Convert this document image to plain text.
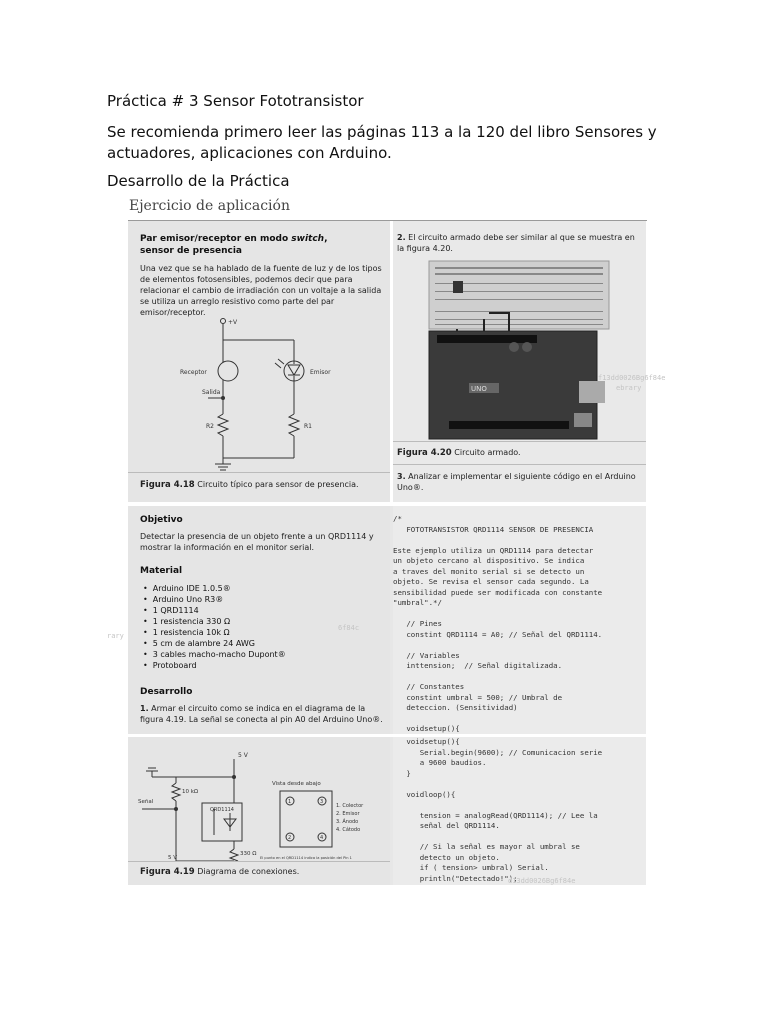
Práctica # 3 Sensor Fototransistor
Se recomienda primero leer las páginas 113 a la 120 del libro Sensores y actuadores, aplicaciones con Arduino.
Desarrollo de la Práctica
Ejercicio de aplicación
Par emisor/receptor en modo switch,
sensor de presencia
Una vez que se ha hablado de la fuente de luz y de los tipos de elementos fotosensibles, podemos decir que para relacionar el cambio de irradiación con un voltaje a la salida se utiliza un arreglo resistivo como parte del par emisor/receptor.
+V
Receptor	Emisor
Salida
R2	R1
Figura 4.18 Circuito típico para sensor de presencia.
2. El circuito armado debe ser similar al que se muestra en la figura 4.20.
UNO
Figura 4.20 Circuito armado.
3. Analizar e implementar el siguiente código en el Arduino Uno®.
f13dd0026Bg6f84e
ebrary
Objetivo
Detectar la presencia de un objeto frente a un QRD1114 y mostrar la información en el monitor serial.
Material
• Arduino IDE 1.0.5®
• Arduino Uno R3®
• 1 QRD1114
• 1 resistencia 330 Ω
• 1 resistencia 10k Ω
• 5 cm de alambre 24 AWG
• 3 cables macho-macho Dupont®
• Protoboard
Desarrollo
1. Armar el circuito como se indica en el diagrama de la figura 4.19. La señal se conecta al pin A0 del Arduino Uno®.
/*
FOTOTRANSISTOR QRD1114 SENSOR DE PRESENCIA

Este ejemplo utiliza un QRD1114 para detectar
un objeto cercano al dispositivo. Se indica
a traves del monito serial si se detecto un
objeto. Se revisa el sensor cada segundo. La
sensibilidad puede ser modificada con constante
"umbral".*/

// Pines
constint QRD1114 = A0; // Señal del QRD1114.

// Variables
inttension;  // Señal digitalizada.

// Constantes
constint umbral = 500; // Umbral de
deteccion. (Sensitividad)

voidsetup(){
6f84c
rary
5 V
10 kΩ
Señal
QRD1114
330 Ω
5 V
Vista desde abajo
1	3
2	4
1. Colector
2. Emisor
3. Ánodo
4. Cátodo
El punto en el QRD1114 indica la posición del Pin 1
Figura 4.19 Diagrama de conexiones.
voidsetup(){
Serial.begin(9600); // Comunicacion serie
a 9600 baudios.
}

voidloop(){

tension = analogRead(QRD1114); // Lee la
señal del QRD1114.

// Si la señal es mayor al umbral se
detecto un objeto.
if ( tension> umbral) Serial.
println("Detectado!");
d13dd0026Bg6f84e
